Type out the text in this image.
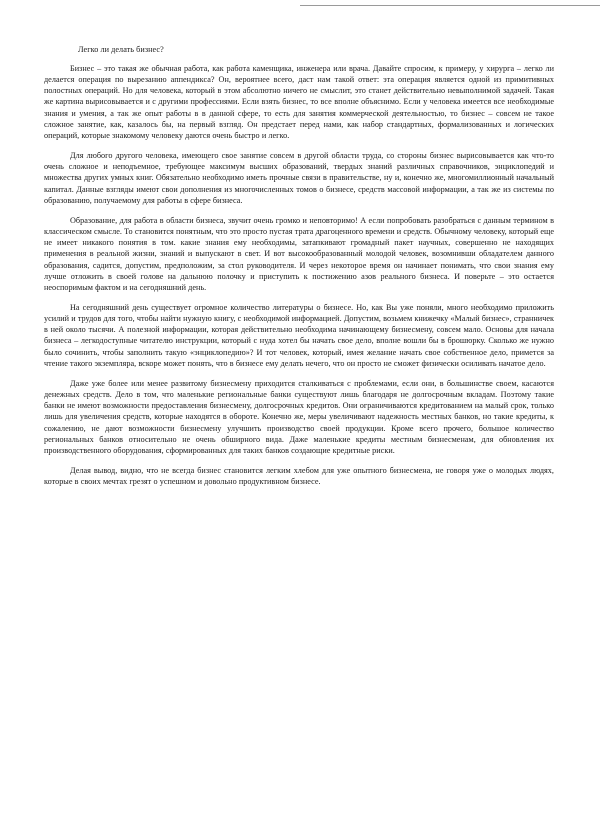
Легко ли делать бизнес?

Бизнес – это такая же обычная работа, как работа каменщика, инженера или врача. Давайте спросим, к примеру, у хирурга – легко ли делается операция по вырезанию аппендикса? Он, вероятнее всего, даст нам такой ответ: эта операция является одной из примитивных полостных операций. Но для человека, который в этом абсолютно ничего не смыслит, это станет действительно невыполнимой задачей. Такая же картина вырисовывается и с другими профессиями. Если взять бизнес, то все вполне объяснимо. Если у человека имеется все необходимые знания и умения, а так же опыт работы в в данной сфере, то есть для занятия коммерческой деятельностью, то бизнес – совсем не такое сложное занятие, как, казалось бы, на первый взгляд. Он предстает перед нами, как набор стандартных, формализованных и логических операций, которые знакомому человеку даются очень быстро и легко.

Для любого другого человека, имеющего свое занятие совсем в другой области труда, со стороны бизнес вырисовывается как что-то очень сложное и неподъемное, требующее максимум высших образований, твердых знаний различных справочников, энциклопедий и множества других умных книг. Обязательно необходимо иметь прочные связи в правительстве, ну и, конечно же, многомиллионный начальный капитал. Данные взгляды имеют свои дополнения из многочисленных томов о бизнесе, средств массовой информации, а так же из системы по образованию, получаемому для работы в сфере бизнеса.

Образование, для работа в области бизнеса, звучит очень громко и неповторимо! А если попробовать разобраться с данным термином в классическом смысле. То становится понятным, что это просто пустая трата драгоценного времени и средств. Обычному человеку, который еще не имеет никакого понятия в том. какие знания ему необходимы, затапкивают громадный пакет научных, совершенно не находящих применения в реальной жизни, знаний и выпускают в свет. И вот высокообразованный молодой человек, возомнивши обладателем данного образования, садится, допустим, предположим, за стол руководителя. И через некоторое время он начинает понимать, что свои знания ему лучше отложить в своей голове на дальнюю полочку и приступить к постижению азов реального бизнеса. И поверьте – это остается неоспоримым фактом и на сегодняшний день.

На сегодняшний день существует огромное количество литературы о бизнесе. Но, как Вы уже поняли, много необходимо приложить усилий и трудов для того, чтобы найти нужную книгу, с необходимой информацией. Допустим, возьмем книжечку «Малый бизнес», странничек в ней около тысячи. А полезной информации, которая действительно необходима начинающему бизнесмену, совсем мало. Основы для начала бизнеса – легкодоступные читателю инструкции, который с нуда хотел бы начать свое дело, вполне вошли бы в брошюрку. Сколько же нужно было сочинить, чтобы заполнить такую «энциклопедию»? И тот человек, который, имея желание начать свое собственное дело, примется за чтение такого экземпляра, вскоре может понять, что в бизнесе ему делать нечего, что он просто не сможет физически осиливать начатое дело.

Даже уже более или менее развитому бизнесмену приходится сталкиваться с проблемами, если они, в большинстве своем, касаются денежных средств. Дело в том, что маленькие региональные банки существуют лишь благодаря не долгосрочным вкладам. Поэтому такие банки не имеют возможности предоставления бизнесмену, долгосрочных кредитов. Они ограничиваются кредитованием на малый срок, только лишь для увеличения средств, которые находятся в обороте. Конечно же, меры увеличивают надежность местных банков, но такие кредиты, к сожалению, не дают возможности бизнесмену улучшить производство своей продукции. Кроме всего прочего, большое количество региональных банков относительно не очень обширного вида. Даже маленькие кредиты местным бизнесменам, для обновления их производственного оборудования, сформированных для таких банков создающие кредитные риски.

Делая вывод, видно, что не всегда бизнес становится легким хлебом для уже опытного бизнесмена, не говоря уже о молодых людях, которые в своих мечтах грезят о успешном и довольно продуктивном бизнесе.
